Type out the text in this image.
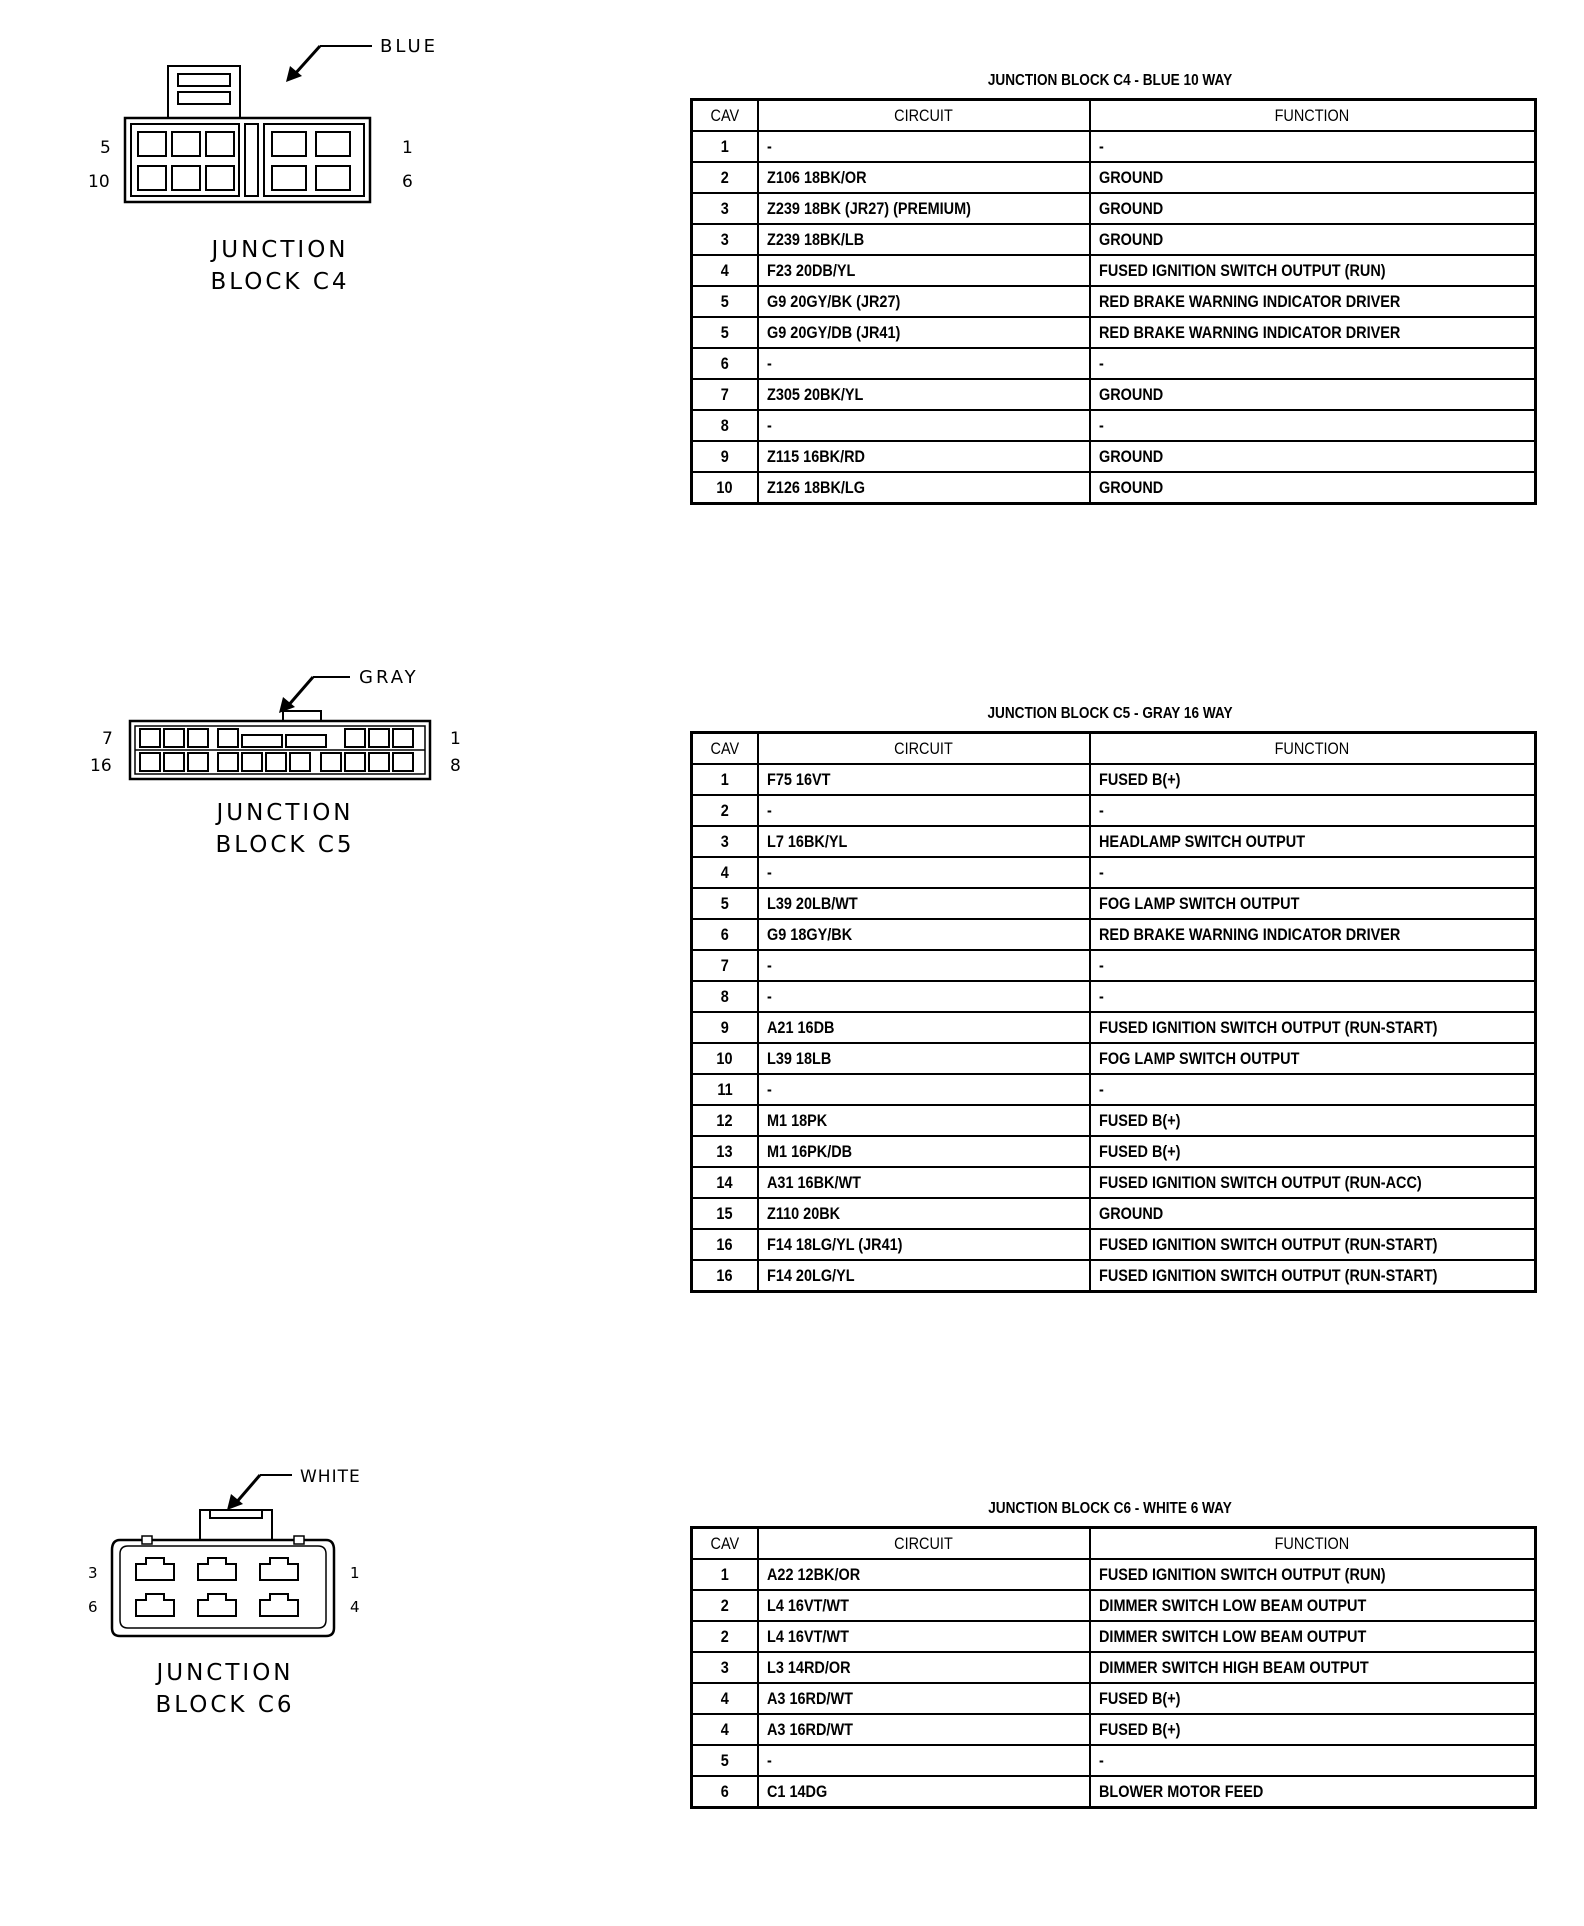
BLUE
5
10
1
6
JUNCTION
BLOCK C4
JUNCTION BLOCK C4 - BLUE 10 WAY
CAV	CIRCUIT	FUNCTION
1	-	-
2	Z106 18BK/OR	GROUND
3	Z239 18BK (JR27) (PREMIUM)	GROUND
3	Z239 18BK/LB	GROUND
4	F23 20DB/YL	FUSED IGNITION SWITCH OUTPUT (RUN)
5	G9 20GY/BK (JR27)	RED BRAKE WARNING INDICATOR DRIVER
5	G9 20GY/DB (JR41)	RED BRAKE WARNING INDICATOR DRIVER
6	-	-
7	Z305 20BK/YL	GROUND
8	-	-
9	Z115 16BK/RD	GROUND
10	Z126 18BK/LG	GROUND
GRAY
7
16
1
8
JUNCTION
BLOCK C5
JUNCTION BLOCK C5 - GRAY 16 WAY
CAV	CIRCUIT	FUNCTION
1	F75 16VT	FUSED B(+)
2	-	-
3	L7 16BK/YL	HEADLAMP SWITCH OUTPUT
4	-	-
5	L39 20LB/WT	FOG LAMP SWITCH OUTPUT
6	G9 18GY/BK	RED BRAKE WARNING INDICATOR DRIVER
7	-	-
8	-	-
9	A21 16DB	FUSED IGNITION SWITCH OUTPUT (RUN-START)
10	L39 18LB	FOG LAMP SWITCH OUTPUT
11	-	-
12	M1 18PK	FUSED B(+)
13	M1 16PK/DB	FUSED B(+)
14	A31 16BK/WT	FUSED IGNITION SWITCH OUTPUT (RUN-ACC)
15	Z110 20BK	GROUND
16	F14 18LG/YL (JR41)	FUSED IGNITION SWITCH OUTPUT (RUN-START)
16	F14 20LG/YL	FUSED IGNITION SWITCH OUTPUT (RUN-START)
WHITE
3
6
1
4
JUNCTION
BLOCK C6
JUNCTION BLOCK C6 - WHITE 6 WAY
CAV	CIRCUIT	FUNCTION
1	A22 12BK/OR	FUSED IGNITION SWITCH OUTPUT (RUN)
2	L4 16VT/WT	DIMMER SWITCH LOW BEAM OUTPUT
2	L4 16VT/WT	DIMMER SWITCH LOW BEAM OUTPUT
3	L3 14RD/OR	DIMMER SWITCH HIGH BEAM OUTPUT
4	A3 16RD/WT	FUSED B(+)
4	A3 16RD/WT	FUSED B(+)
5	-	-
6	C1 14DG	BLOWER MOTOR FEED
